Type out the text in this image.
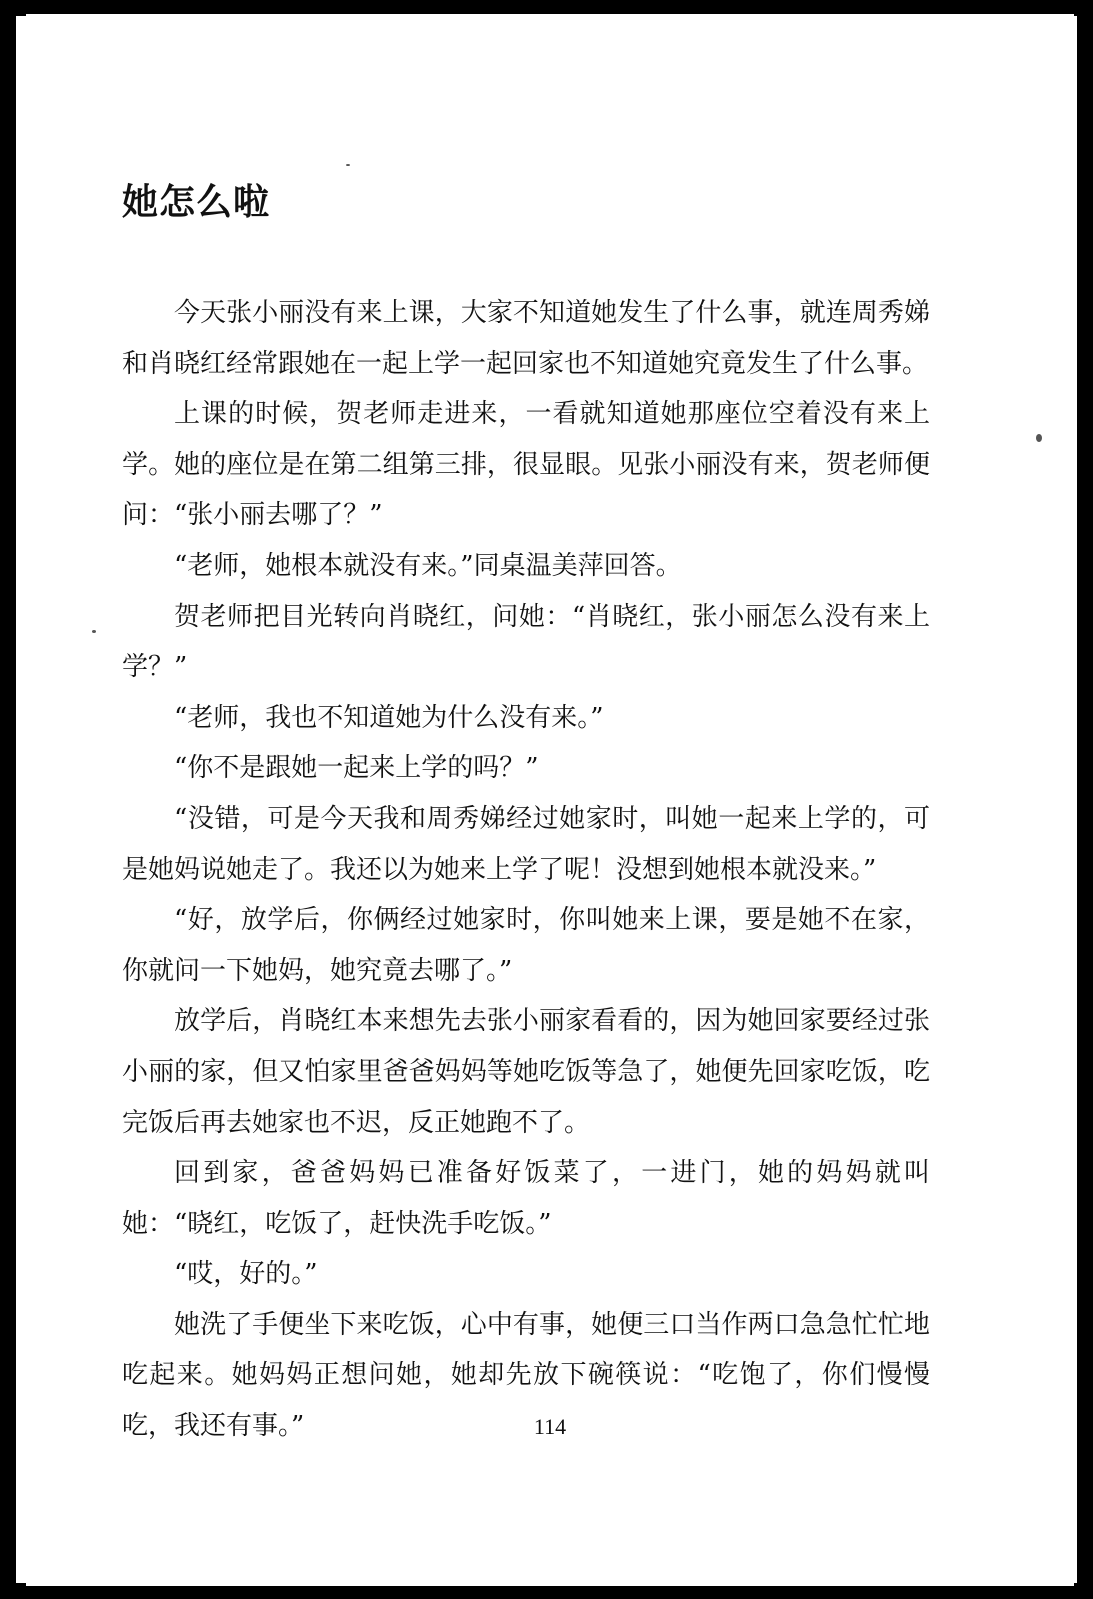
她怎么啦

今天张小丽没有来上课，大家不知道她发生了什么事，就连周秀娣和肖晓红经常跟她在一起上学一起回家也不知道她究竟发生了什么事。

上课的时候，贺老师走进来，一看就知道她那座位空着没有来上学。她的座位是在第二组第三排，很显眼。见张小丽没有来，贺老师便问：“张小丽去哪了？”

“老师，她根本就没有来。”同桌温美萍回答。

贺老师把目光转向肖晓红，问她：“肖晓红，张小丽怎么没有来上学？”

“老师，我也不知道她为什么没有来。”

“你不是跟她一起来上学的吗？”

“没错，可是今天我和周秀娣经过她家时，叫她一起来上学的，可是她妈说她走了。我还以为她来上学了呢！没想到她根本就没来。”

“好，放学后，你俩经过她家时，你叫她来上课，要是她不在家，你就问一下她妈，她究竟去哪了。”

放学后，肖晓红本来想先去张小丽家看看的，因为她回家要经过张小丽的家，但又怕家里爸爸妈妈等她吃饭等急了，她便先回家吃饭，吃完饭后再去她家也不迟，反正她跑不了。

回到家，爸爸妈妈已准备好饭菜了，一进门，她的妈妈就叫她：“晓红，吃饭了，赶快洗手吃饭。”

“哎，好的。”

她洗了手便坐下来吃饭，心中有事，她便三口当作两口急急忙忙地吃起来。她妈妈正想问她，她却先放下碗筷说：“吃饱了，你们慢慢吃，我还有事。”	114
